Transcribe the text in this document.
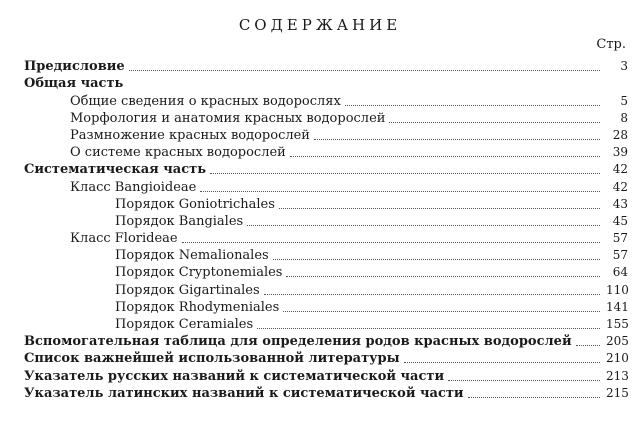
СОДЕРЖАНИЕ
Стр.
Предисловие	3
Общая часть
Общие сведения о красных водорослях	5
Морфология и анатомия красных водорослей	8
Размножение красных водорослей	28
О системе красных водорослей	39
Систематическая часть	42
Класс Bangioideae	42
Порядок Goniotrichales	43
Порядок Bangiales	45
Класс Florideae	57
Порядок Nemalionales	57
Порядок Cryptonemiales	64
Порядок Gigartinales	110
Порядок Rhodymeniales	141
Порядок Ceramiales	155
Вспомогательная таблица для определения родов красных водорослей	205
Список важнейшей использованной литературы	210
Указатель русских названий к систематической части	213
Указатель латинских названий к систематической части	215
